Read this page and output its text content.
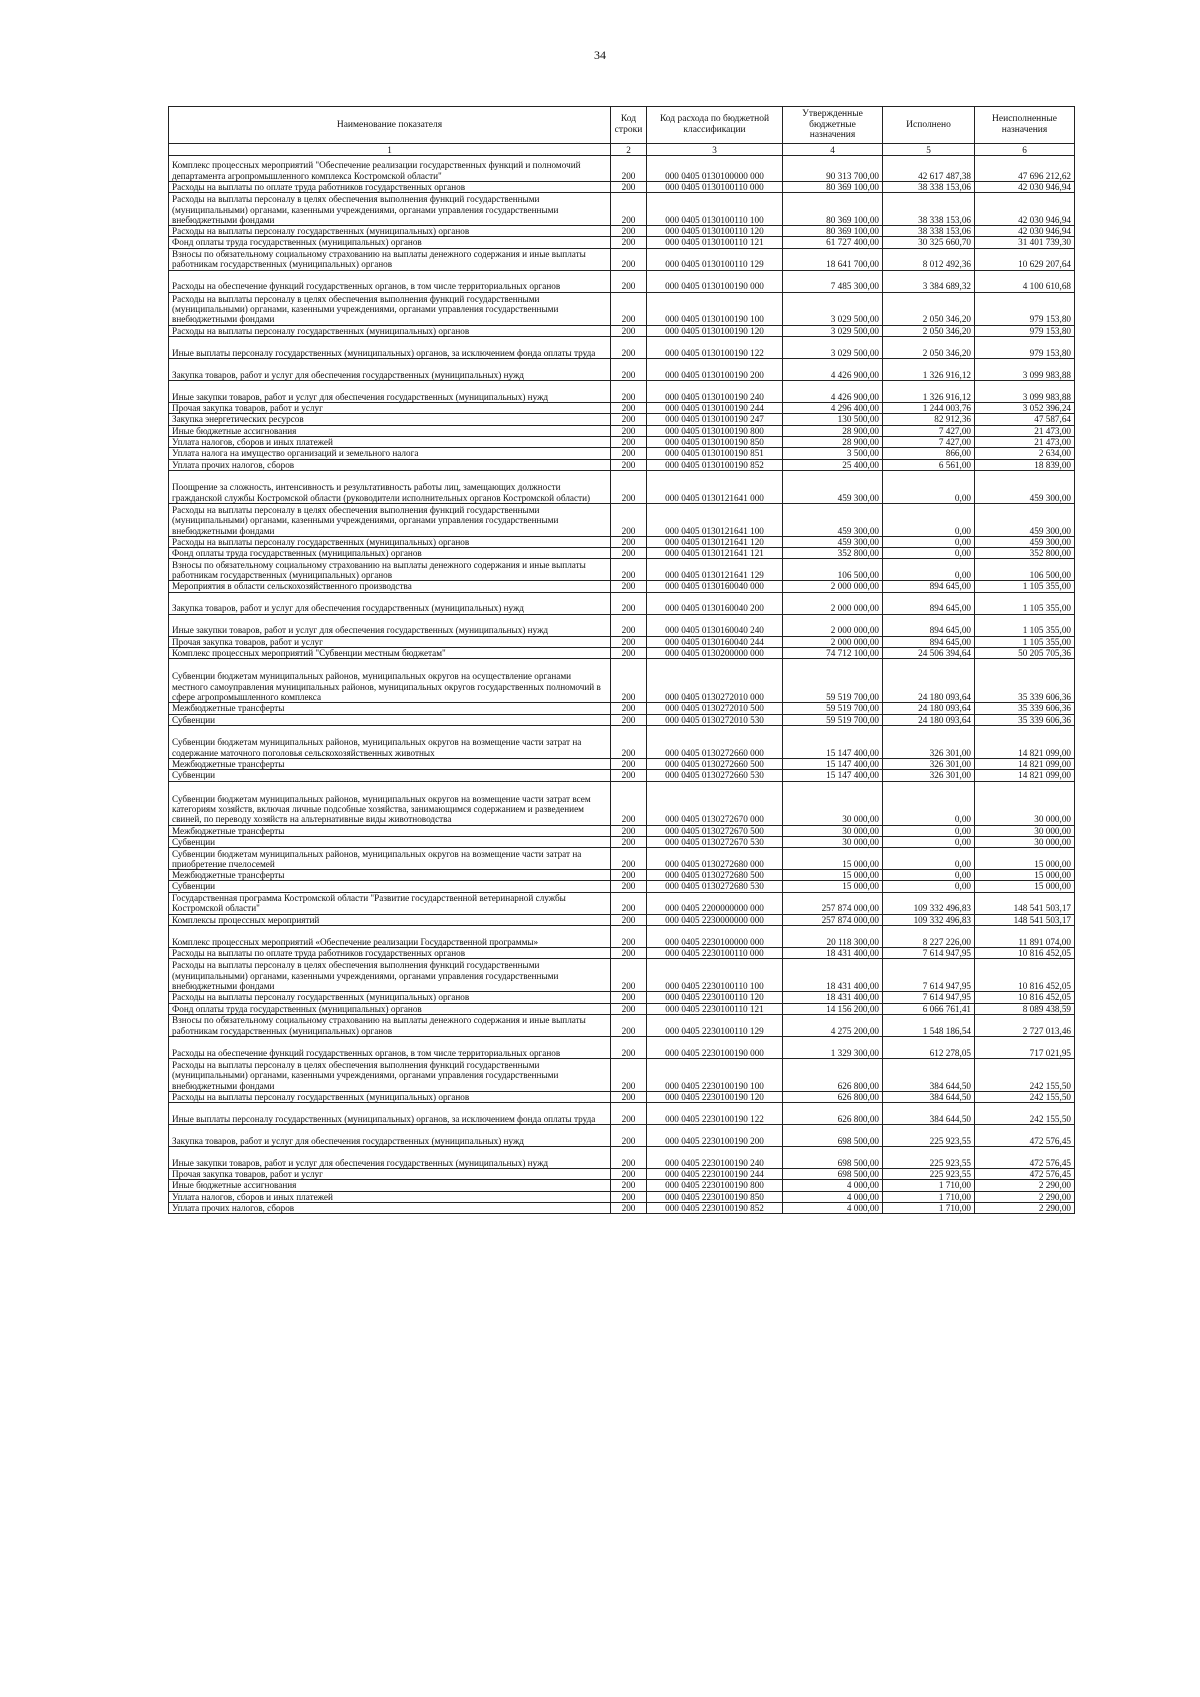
34
Наименование показателя	Код строки	Код расхода по бюджетной классификации	Утвержденные бюджетные назначения	Исполнено	Неисполненные назначения
1	2	3	4	5	6
Комплекс процессных мероприятий "Обеспечение реализации государственных функций и полномочий департамента агропромышленного комплекса Костромской области"	200	000 0405 0130100000 000	90 313 700,00	42 617 487,38	47 696 212,62
Расходы на выплаты по оплате труда работников государственных органов	200	000 0405 0130100110 000	80 369 100,00	38 338 153,06	42 030 946,94
Расходы на выплаты персоналу в целях обеспечения выполнения функций государственными (муниципальными) органами, казенными учреждениями, органами управления государственными внебюджетными фондами	200	000 0405 0130100110 100	80 369 100,00	38 338 153,06	42 030 946,94
Расходы на выплаты персоналу государственных (муниципальных) органов	200	000 0405 0130100110 120	80 369 100,00	38 338 153,06	42 030 946,94
Фонд оплаты труда государственных (муниципальных) органов	200	000 0405 0130100110 121	61 727 400,00	30 325 660,70	31 401 739,30
Взносы по обязательному социальному страхованию на выплаты денежного содержания и иные выплаты работникам государственных (муниципальных) органов	200	000 0405 0130100110 129	18 641 700,00	8 012 492,36	10 629 207,64
Расходы на обеспечение функций государственных органов, в том числе территориальных органов	200	000 0405 0130100190 000	7 485 300,00	3 384 689,32	4 100 610,68
Расходы на выплаты персоналу в целях обеспечения выполнения функций государственными (муниципальными) органами, казенными учреждениями, органами управления государственными внебюджетными фондами	200	000 0405 0130100190 100	3 029 500,00	2 050 346,20	979 153,80
Расходы на выплаты персоналу государственных (муниципальных) органов	200	000 0405 0130100190 120	3 029 500,00	2 050 346,20	979 153,80
Иные выплаты персоналу государственных (муниципальных) органов, за исключением фонда оплаты труда	200	000 0405 0130100190 122	3 029 500,00	2 050 346,20	979 153,80
Закупка товаров, работ и услуг для обеспечения государственных (муниципальных) нужд	200	000 0405 0130100190 200	4 426 900,00	1 326 916,12	3 099 983,88
Иные закупки товаров, работ и услуг для обеспечения государственных (муниципальных) нужд	200	000 0405 0130100190 240	4 426 900,00	1 326 916,12	3 099 983,88
Прочая закупка товаров, работ и услуг	200	000 0405 0130100190 244	4 296 400,00	1 244 003,76	3 052 396,24
Закупка энергетических ресурсов	200	000 0405 0130100190 247	130 500,00	82 912,36	47 587,64
Иные бюджетные ассигнования	200	000 0405 0130100190 800	28 900,00	7 427,00	21 473,00
Уплата налогов, сборов и иных платежей	200	000 0405 0130100190 850	28 900,00	7 427,00	21 473,00
Уплата налога на имущество организаций и земельного налога	200	000 0405 0130100190 851	3 500,00	866,00	2 634,00
Уплата прочих налогов, сборов	200	000 0405 0130100190 852	25 400,00	6 561,00	18 839,00
Поощрение за сложность, интенсивность и результативность работы лиц, замещающих должности гражданской службы Костромской области (руководители исполнительных органов Костромской области)	200	000 0405 0130121641 000	459 300,00	0,00	459 300,00
Расходы на выплаты персоналу в целях обеспечения выполнения функций государственными (муниципальными) органами, казенными учреждениями, органами управления государственными внебюджетными фондами	200	000 0405 0130121641 100	459 300,00	0,00	459 300,00
Расходы на выплаты персоналу государственных (муниципальных) органов	200	000 0405 0130121641 120	459 300,00	0,00	459 300,00
Фонд оплаты труда государственных (муниципальных) органов	200	000 0405 0130121641 121	352 800,00	0,00	352 800,00
Взносы по обязательному социальному страхованию на выплаты денежного содержания и иные выплаты работникам государственных (муниципальных) органов	200	000 0405 0130121641 129	106 500,00	0,00	106 500,00
Мероприятия в области сельскохозяйственного производства	200	000 0405 0130160040 000	2 000 000,00	894 645,00	1 105 355,00
Закупка товаров, работ и услуг для обеспечения государственных (муниципальных) нужд	200	000 0405 0130160040 200	2 000 000,00	894 645,00	1 105 355,00
Иные закупки товаров, работ и услуг для обеспечения государственных (муниципальных) нужд	200	000 0405 0130160040 240	2 000 000,00	894 645,00	1 105 355,00
Прочая закупка товаров, работ и услуг	200	000 0405 0130160040 244	2 000 000,00	894 645,00	1 105 355,00
Комплекс процессных мероприятий "Субвенции местным бюджетам"	200	000 0405 0130200000 000	74 712 100,00	24 506 394,64	50 205 705,36
Субвенции бюджетам муниципальных районов, муниципальных округов на осуществление органами местного самоуправления муниципальных районов, муниципальных округов государственных полномочий в сфере агропромышленного комплекса	200	000 0405 0130272010 000	59 519 700,00	24 180 093,64	35 339 606,36
Межбюджетные трансферты	200	000 0405 0130272010 500	59 519 700,00	24 180 093,64	35 339 606,36
Субвенции	200	000 0405 0130272010 530	59 519 700,00	24 180 093,64	35 339 606,36
Субвенции бюджетам муниципальных районов, муниципальных округов на возмещение части затрат на содержание маточного поголовья сельскохозяйственных животных	200	000 0405 0130272660 000	15 147 400,00	326 301,00	14 821 099,00
Межбюджетные трансферты	200	000 0405 0130272660 500	15 147 400,00	326 301,00	14 821 099,00
Субвенции	200	000 0405 0130272660 530	15 147 400,00	326 301,00	14 821 099,00
Субвенции бюджетам муниципальных районов, муниципальных округов на возмещение части затрат всем категориям хозяйств, включая личные подсобные хозяйства, занимающимся содержанием и разведением свиней, по переводу хозяйств на альтернативные виды животноводства	200	000 0405 0130272670 000	30 000,00	0,00	30 000,00
Межбюджетные трансферты	200	000 0405 0130272670 500	30 000,00	0,00	30 000,00
Субвенции	200	000 0405 0130272670 530	30 000,00	0,00	30 000,00
Субвенции бюджетам муниципальных районов, муниципальных округов на возмещение части затрат на приобретение пчелосемей	200	000 0405 0130272680 000	15 000,00	0,00	15 000,00
Межбюджетные трансферты	200	000 0405 0130272680 500	15 000,00	0,00	15 000,00
Субвенции	200	000 0405 0130272680 530	15 000,00	0,00	15 000,00
Государственная программа Костромской области "Развитие государственной ветеринарной службы Костромской области"	200	000 0405 2200000000 000	257 874 000,00	109 332 496,83	148 541 503,17
Комплексы процессных мероприятий	200	000 0405 2230000000 000	257 874 000,00	109 332 496,83	148 541 503,17
Комплекс процессных мероприятий «Обеспечение реализации Государственной программы»	200	000 0405 2230100000 000	20 118 300,00	8 227 226,00	11 891 074,00
Расходы на выплаты по оплате труда работников государственных органов	200	000 0405 2230100110 000	18 431 400,00	7 614 947,95	10 816 452,05
Расходы на выплаты персоналу в целях обеспечения выполнения функций государственными (муниципальными) органами, казенными учреждениями, органами управления государственными внебюджетными фондами	200	000 0405 2230100110 100	18 431 400,00	7 614 947,95	10 816 452,05
Расходы на выплаты персоналу государственных (муниципальных) органов	200	000 0405 2230100110 120	18 431 400,00	7 614 947,95	10 816 452,05
Фонд оплаты труда государственных (муниципальных) органов	200	000 0405 2230100110 121	14 156 200,00	6 066 761,41	8 089 438,59
Взносы по обязательному социальному страхованию на выплаты денежного содержания и иные выплаты работникам государственных (муниципальных) органов	200	000 0405 2230100110 129	4 275 200,00	1 548 186,54	2 727 013,46
Расходы на обеспечение функций государственных органов, в том числе территориальных органов	200	000 0405 2230100190 000	1 329 300,00	612 278,05	717 021,95
Расходы на выплаты персоналу в целях обеспечения выполнения функций государственными (муниципальными) органами, казенными учреждениями, органами управления государственными внебюджетными фондами	200	000 0405 2230100190 100	626 800,00	384 644,50	242 155,50
Расходы на выплаты персоналу государственных (муниципальных) органов	200	000 0405 2230100190 120	626 800,00	384 644,50	242 155,50
Иные выплаты персоналу государственных (муниципальных) органов, за исключением фонда оплаты труда	200	000 0405 2230100190 122	626 800,00	384 644,50	242 155,50
Закупка товаров, работ и услуг для обеспечения государственных (муниципальных) нужд	200	000 0405 2230100190 200	698 500,00	225 923,55	472 576,45
Иные закупки товаров, работ и услуг для обеспечения государственных (муниципальных) нужд	200	000 0405 2230100190 240	698 500,00	225 923,55	472 576,45
Прочая закупка товаров, работ и услуг	200	000 0405 2230100190 244	698 500,00	225 923,55	472 576,45
Иные бюджетные ассигнования	200	000 0405 2230100190 800	4 000,00	1 710,00	2 290,00
Уплата налогов, сборов и иных платежей	200	000 0405 2230100190 850	4 000,00	1 710,00	2 290,00
Уплата прочих налогов, сборов	200	000 0405 2230100190 852	4 000,00	1 710,00	2 290,00
